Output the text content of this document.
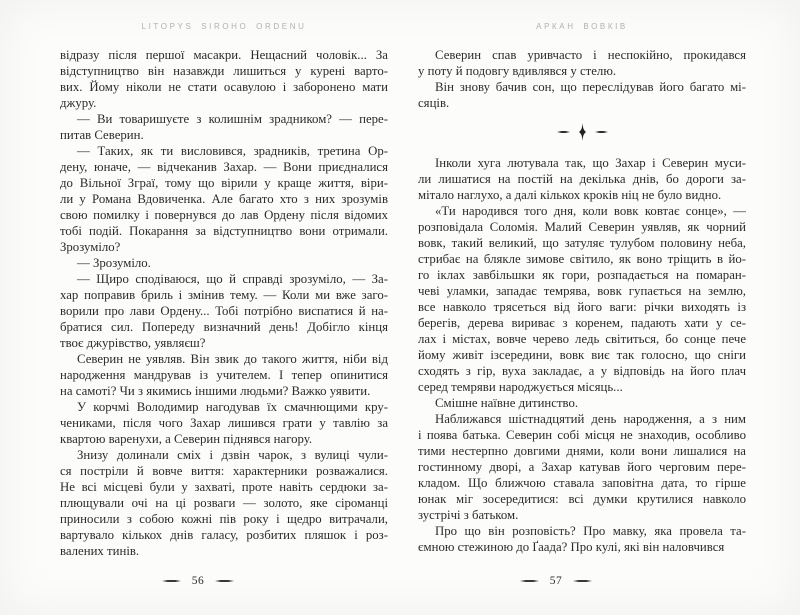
LITOPYS SIROHO ORDENU
відразу після першої масакри. Нещасний чоловік... За
відступництво він назавжди лишиться у курені варто-
вих. Йому ніколи не стати осавулою і заборонено мати
джуру.
— Ви товаришуєте з колишнім зрадником? — пере-
питав Северин.
— Таких, як ти висловився, зрадників, третина Ор-
дену, юначе, — відчеканив Захар. — Вони приєдналися
до Вільної Зграї, тому що вірили у краще життя, віри-
ли у Романа Вдовиченка. Але багато хто з них зрозумів
свою помилку і повернувся до лав Ордену після відомих
тобі подій. Покарання за відступництво вони отримали.
Зрозуміло?
— Зрозуміло.
— Щиро сподіваюся, що й справді зрозуміло, — За-
хар поправив бриль і змінив тему. — Коли ми вже заго-
ворили про лави Ордену... Тобі потрібно виспатися й на-
братися сил. Попереду визначний день! Добігло кінця
твоє джурівство, уявляєш?
Северин не уявляв. Він звик до такого життя, ніби від
народження мандрував із учителем. І тепер опинитися
на самоті? Чи з якимись іншими людьми? Важко уявити.
У корчмі Володимир нагодував їх смачнющими кру-
чениками, після чого Захар лишився грати у тавлію за
квартою варенухи, а Северин піднявся нагору.
Знизу долинали сміх і дзвін чарок, з вулиці чули-
ся постріли й вовче виття: характерники розважалися.
Не всі місцеві були у захваті, проте навіть сердюки за-
плющували очі на ці розваги — золото, яке сіроманці
приносили з собою кожні пів року і щедро витрачали,
вартувало кількох днів галасу, розбитих пляшок і роз-
валених тинів.
56
АРКАН ВОВКІВ
Северин спав уривчасто і неспокійно, прокидався
у поту й подовгу вдивлявся у стелю.
Він знову бачив сон, що переслідував його багато мі-
сяців.
Інколи хуга лютувала так, що Захар і Северин муси-
ли лишатися на постій на декілька днів, бо дороги за-
мітало наглухо, а далі кількох кроків ніц не було видно.
«Ти народився того дня, коли вовк ковтає сонце», —
розповідала Соломія. Малий Северин уявляв, як чорний
вовк, такий великий, що затуляє тулубом половину неба,
стрибає на блякле зимове світило, як воно тріщить в йо-
го іклах завбільшки як гори, розпадається на помаран-
чеві уламки, западає темрява, вовк гупається на землю,
все навколо трясеться від його ваги: річки виходять із
берегів, дерева вириває з коренем, падають хати у се-
лах і містах, вовче черево ледь світиться, бо сонце пече
йому живіт ізсередини, вовк виє так голосно, що сніги
сходять з гір, вуха закладає, а у відповідь на його плач
серед темряви народжується місяць...
Смішне наївне дитинство.
Наближався шістнадцятий день народження, а з ним
і поява батька. Северин собі місця не знаходив, особливо
тими нестерпно довгими днями, коли вони лишалися на
гостинному дворі, а Захар катував його черговим пере-
кладом. Що ближчою ставала заповітна дата, то гірше
юнак міг зосередитися: всі думки крутилися навколо
зустрічі з батьком.
Про що він розповість? Про мавку, яка провела та-
ємною стежиною до Ґаада? Про кулі, які він наловчився
57
